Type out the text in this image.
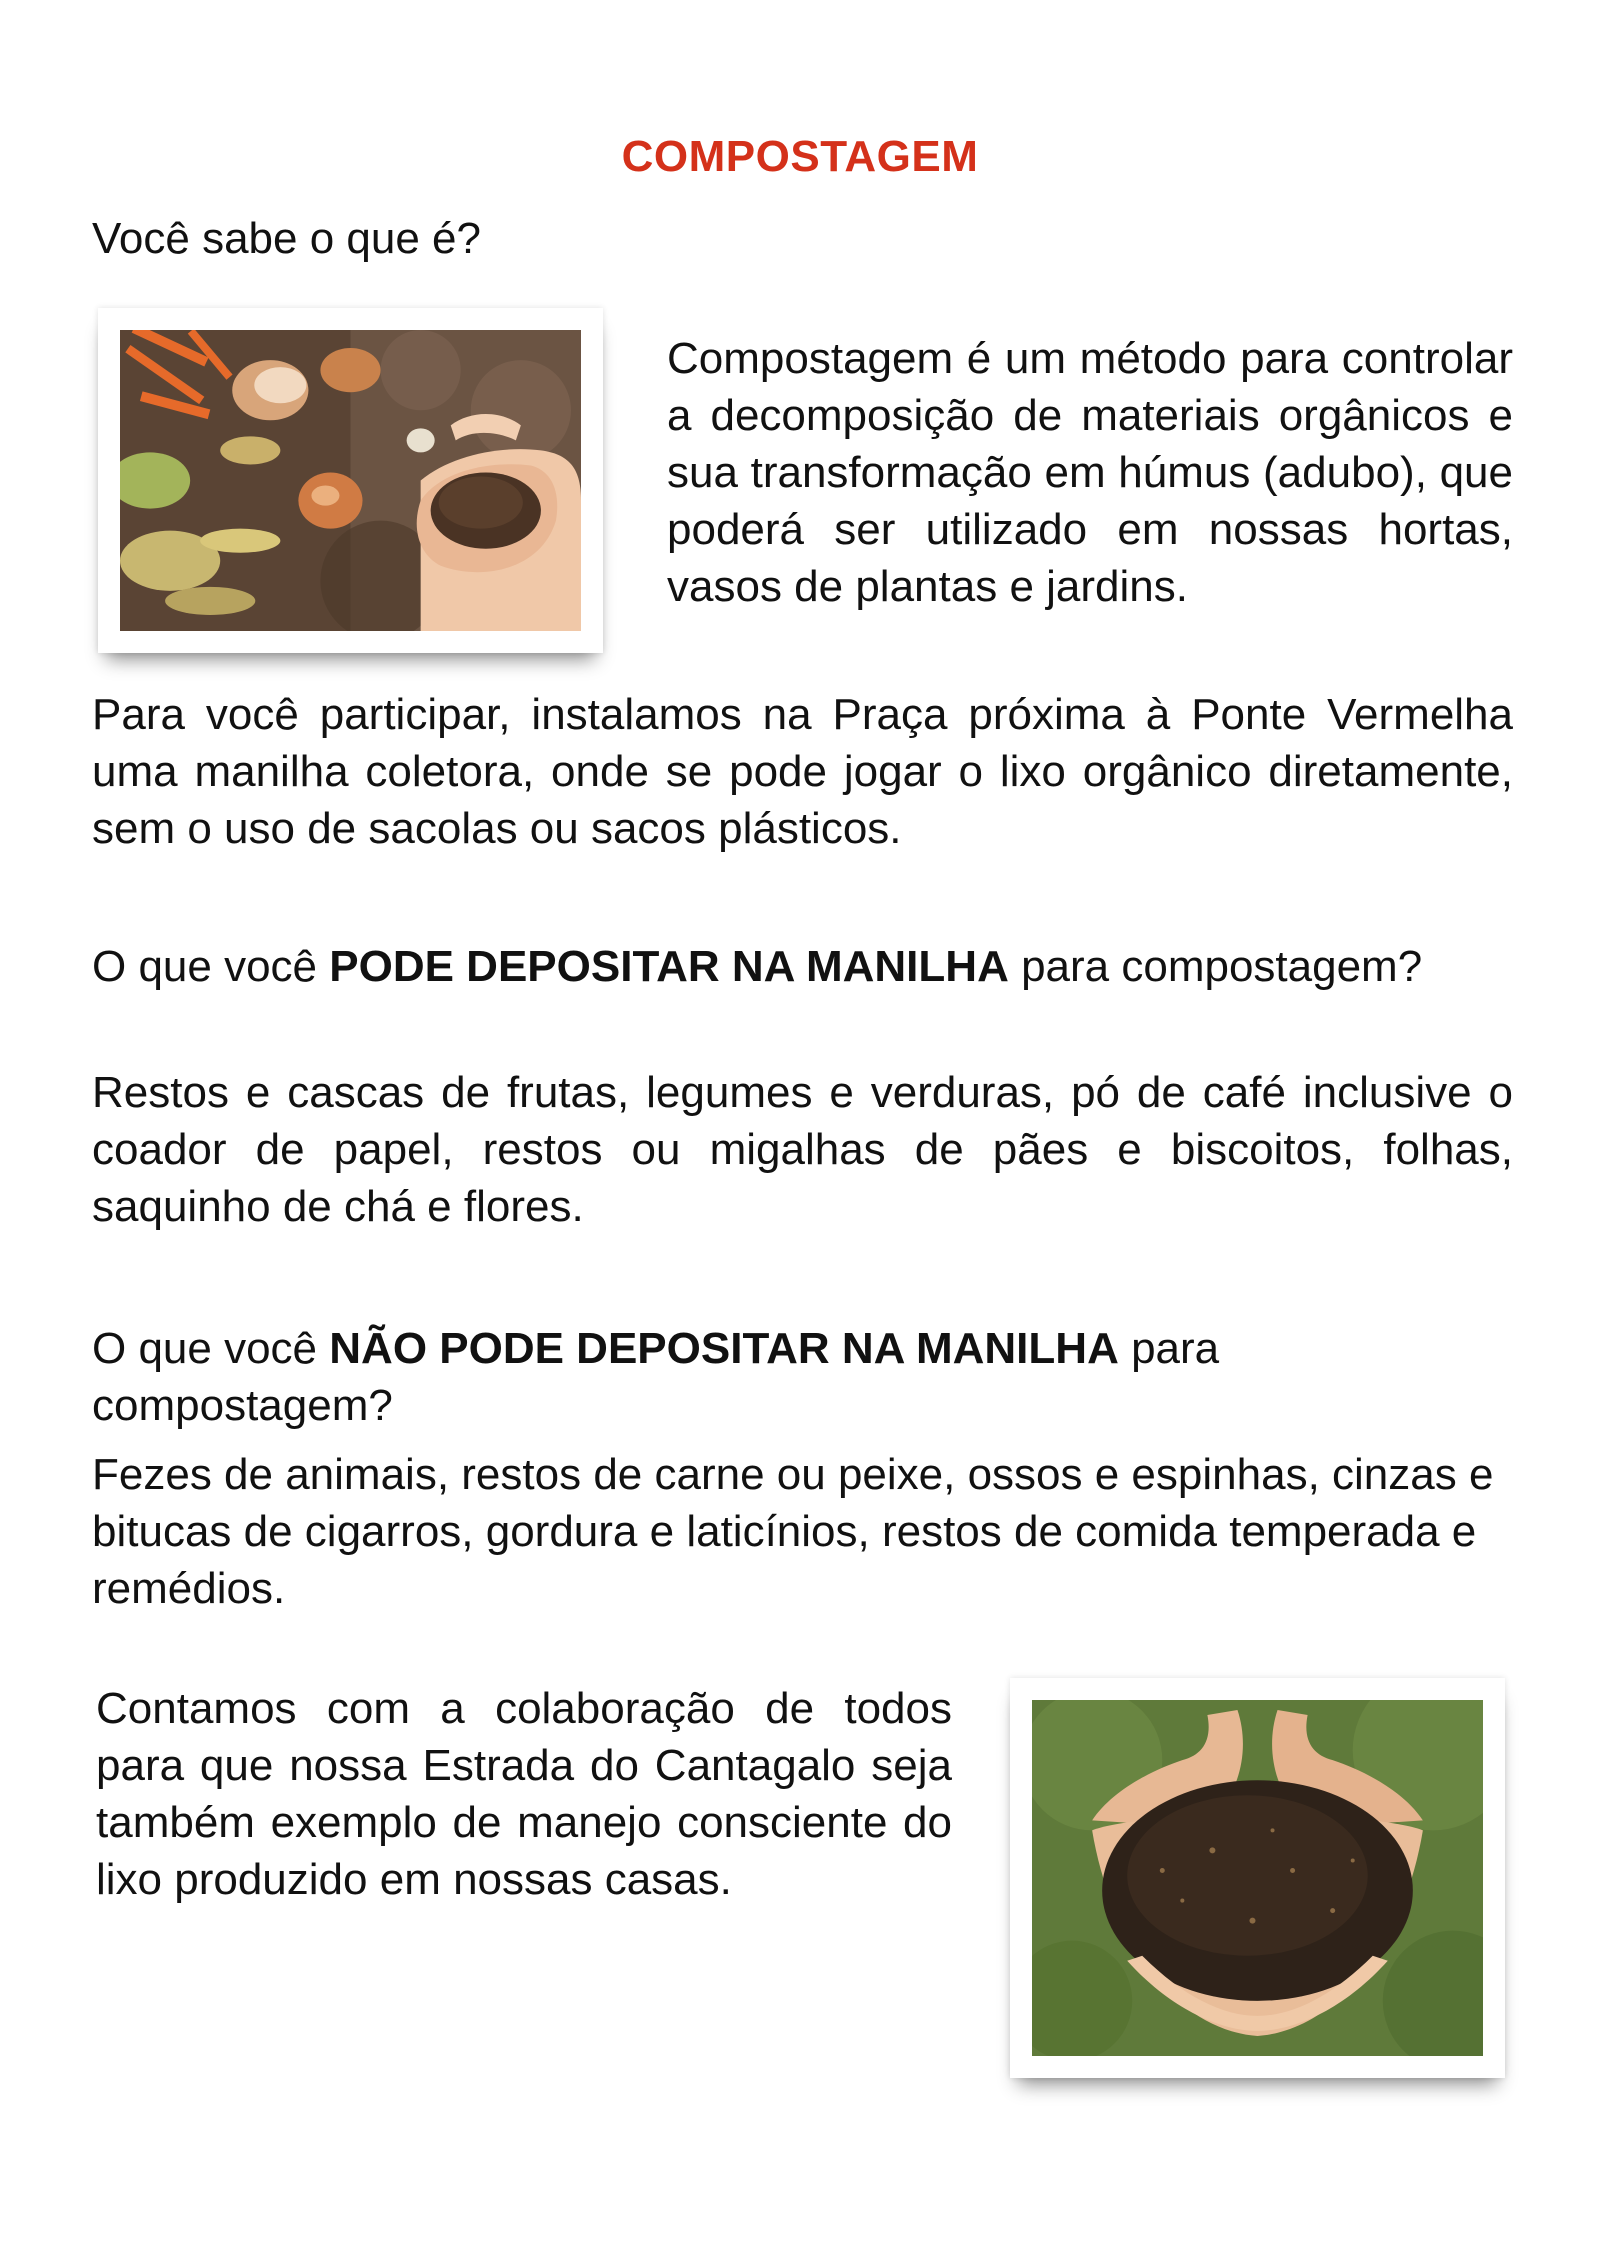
COMPOSTAGEM

Você sabe o que é?

Compostagem é um método para controlar a decomposição de materiais orgânicos e sua transformação em húmus (adubo), que poderá ser utilizado em nossas hortas, vasos de plantas e jardins.

Para você participar, instalamos na Praça próxima à Ponte Vermelha uma manilha coletora, onde se pode jogar o lixo orgânico diretamente, sem o uso de sacolas ou sacos plásticos.

O que você PODE DEPOSITAR NA MANILHA para compostagem?

Restos e cascas de frutas, legumes e verduras, pó de café inclusive o coador de papel, restos ou migalhas de pães e biscoitos, folhas, saquinho de chá e flores.

O que você NÃO PODE DEPOSITAR NA MANILHA para compostagem?

Fezes de animais, restos de carne ou peixe, ossos e espinhas, cinzas e bitucas de cigarros, gordura e laticínios, restos de comida temperada e remédios.

Contamos com a colaboração de todos para que nossa Estrada do Cantagalo seja também exemplo de manejo consciente do lixo produzido em nossas casas.
